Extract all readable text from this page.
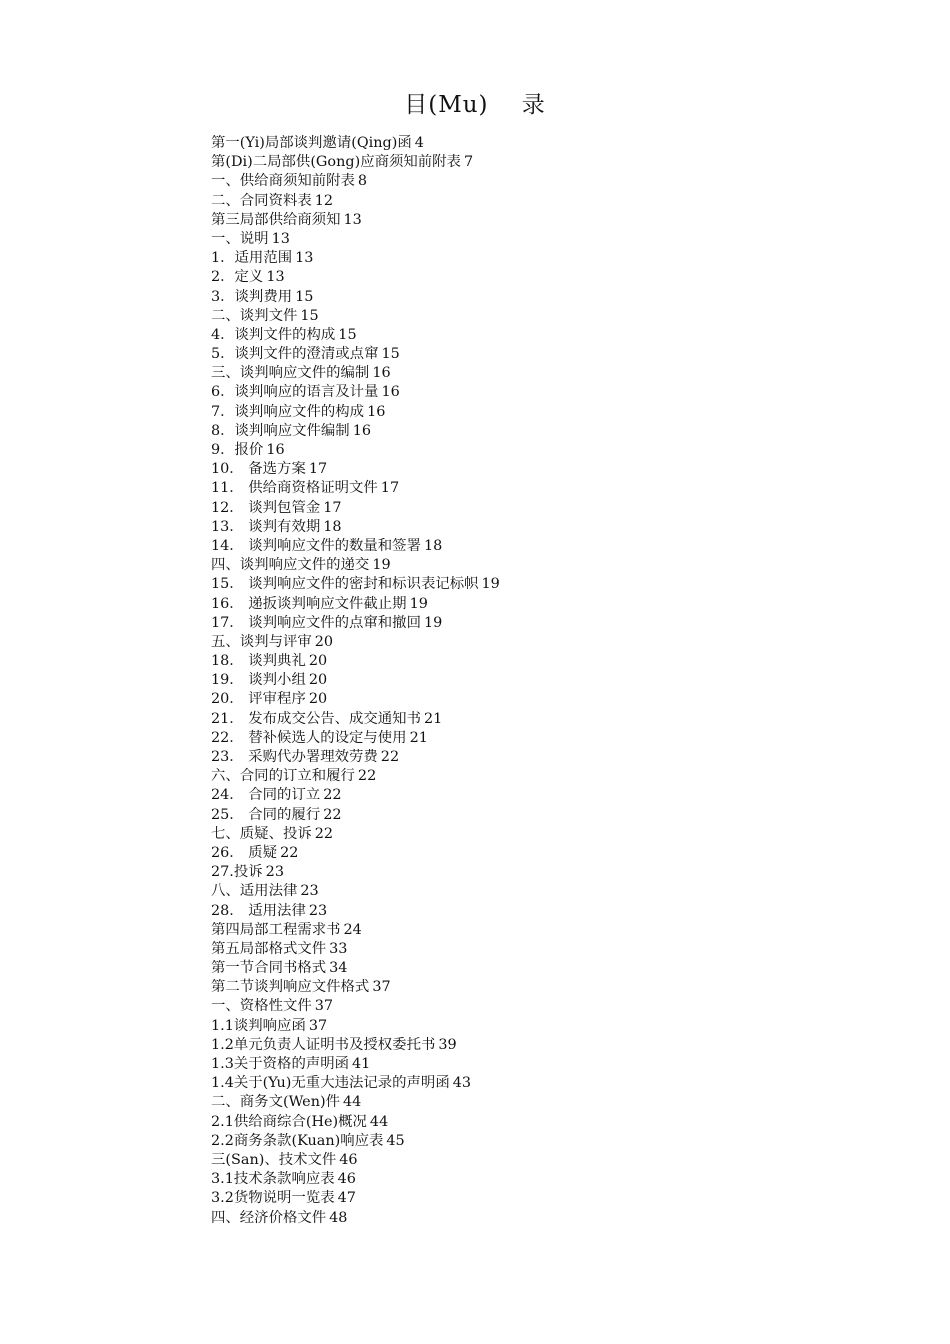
目(Mu)    录
第一(Yi)局部谈判邀请(Qing)函 4
第(Di)二局部供(Gong)应商须知前附表 7
一、供给商须知前附表 8
二、合同资料表 12
第三局部供给商须知 13
一、说明 13
1．适用范围 13
2．定义 13
3．谈判费用 15
二、谈判文件 15
4．谈判文件的构成 15
5．谈判文件的澄清或点窜 15
三、谈判响应文件的编制 16
6．谈判响应的语言及计量 16
7．谈判响应文件的构成 16
8．谈判响应文件编制 16
9．报价 16
10． 备选方案 17
11． 供给商资格证明文件 17
12． 谈判包管金 17
13． 谈判有效期 18
14． 谈判响应文件的数量和签署 18
四、谈判响应文件的递交 19
15． 谈判响应文件的密封和标识表记标帜 19
16． 递扳谈判响应文件截止期 19
17． 谈判响应文件的点窜和撤回 19
五、谈判与评审 20
18． 谈判典礼 20
19． 谈判小组 20
20． 评审程序 20
21． 发布成交公告、成交通知书 21
22． 替补候选人的设定与使用 21
23． 采购代办署理效劳费 22
六、合同的订立和履行 22
24． 合同的订立 22
25． 合同的履行 22
七、质疑、投诉 22
26． 质疑 22
27.投诉 23
八、适用法律 23
28． 适用法律 23
第四局部工程需求书 24
第五局部格式文件 33
第一节合同书格式 34
第二节谈判响应文件格式 37
一、资格性文件 37
1.1谈判响应函 37
1.2单元负责人证明书及授权委托书 39
1.3关于资格的声明函 41
1.4关于(Yu)无重大违法记录的声明函 43
二、商务文(Wen)件 44
2.1供给商综合(He)概况 44
2.2商务条款(Kuan)响应表 45
三(San)、技术文件 46
3.1技术条款响应表 46
3.2货物说明一览表 47
四、经济价格文件 48
